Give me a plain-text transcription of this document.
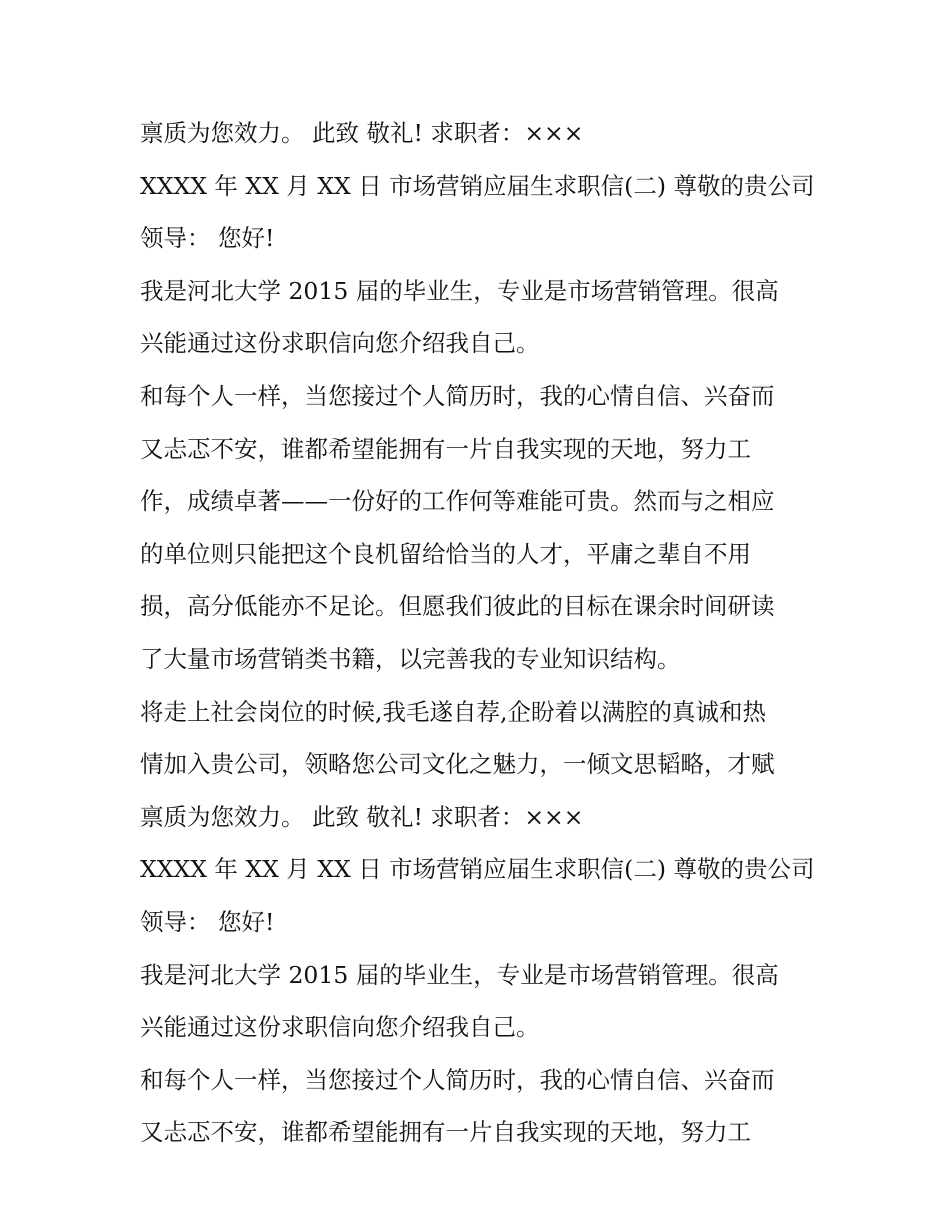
禀质为您效力。 此致 敬礼! 求职者：×××
XXXX 年 XX 月 XX 日 市场营销应届生求职信(二) 尊敬的贵公司
领导： 您好!
我是河北大学 2015 届的毕业生，专业是市场营销管理。很高
兴能通过这份求职信向您介绍我自己。
和每个人一样，当您接过个人简历时，我的心情自信、兴奋而
又忐忑不安，谁都希望能拥有一片自我实现的天地，努力工
作，成绩卓著——一份好的工作何等难能可贵。然而与之相应
的单位则只能把这个良机留给恰当的人才，平庸之辈自不用
损，高分低能亦不足论。但愿我们彼此的目标在课余时间研读
了大量市场营销类书籍，以完善我的专业知识结构。
将走上社会岗位的时候,我毛遂自荐,企盼着以满腔的真诚和热
情加入贵公司，领略您公司文化之魅力，一倾文思韬略，才赋
禀质为您效力。 此致 敬礼! 求职者：×××
XXXX 年 XX 月 XX 日 市场营销应届生求职信(二) 尊敬的贵公司
领导： 您好!
我是河北大学 2015 届的毕业生，专业是市场营销管理。很高
兴能通过这份求职信向您介绍我自己。
和每个人一样，当您接过个人简历时，我的心情自信、兴奋而
又忐忑不安，谁都希望能拥有一片自我实现的天地，努力工
